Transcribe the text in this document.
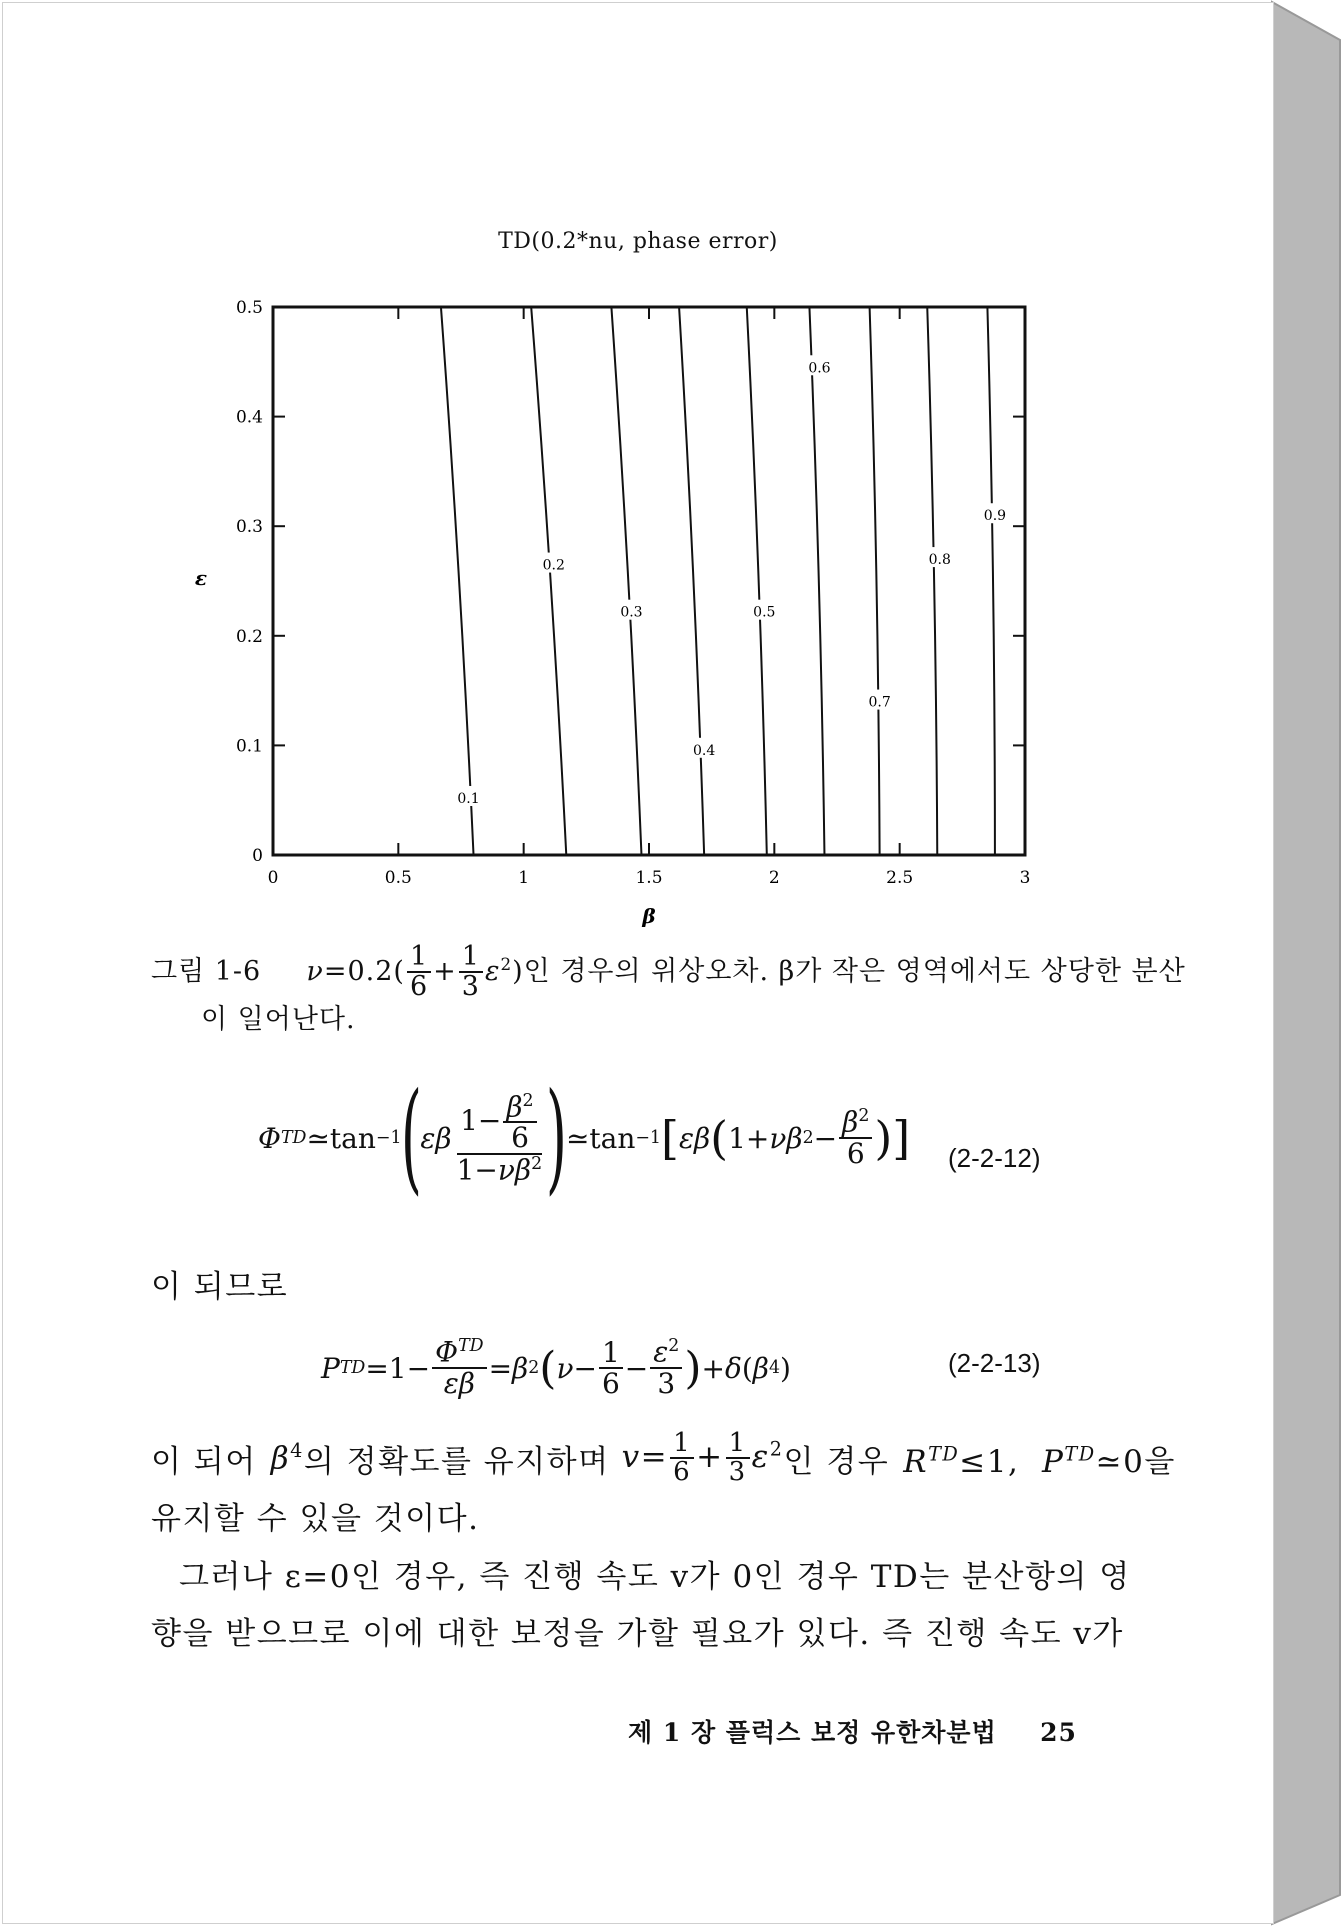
TD(0.2*nu, phase error)
0	0.5	1	1.5	2	2.5	3
0
0.1
0.2
0.3
0.4
0.5
β
ε
0.1
0.2
0.3
0.4
0.5
0.6
0.7
0.8
0.9
그림 1-6 $\nu=0.2( \frac{1}{6} + \frac{1}{3} \varepsilon^2)$인 경우의 위상오차. β가 작은 영역에서도 상당한 분산
이 일어난다.
Φ TD ≃tan −1
(
εβ $\frac{1- \frac{\beta^2}{6}}{1-\nu\beta^2}$ )
≃tan −1 [ εβ ( 1+ νβ $2 - \frac{\beta^2}{6}$ )] (2-2-12)
이 되므로
P TD $=1- \frac{\Phi^{TD}}{\varepsilon\beta} = \beta$ 2 ( $\nu - \frac{1}{6} - \frac{\varepsilon^2}{3}$ ) + δ ( β 4 )	(2-2-13)
이 되어 $\beta^4$ 의 정확도를 유지하며 $v= \frac{1}{6} + \frac{1}{3} \varepsilon^2$ 인 경우 $R^{TD}\le 1$,  $P^{TD}≃0$을
유지할 수 있을 것이다.
그러나 ε=0인 경우, 즉 진행 속도 v가 0인 경우 TD는 분산항의 영
향을 받으므로 이에 대한 보정을 가할 필요가 있다. 즉 진행 속도 v가
제 1 장 플럭스 보정 유한차분법 25
